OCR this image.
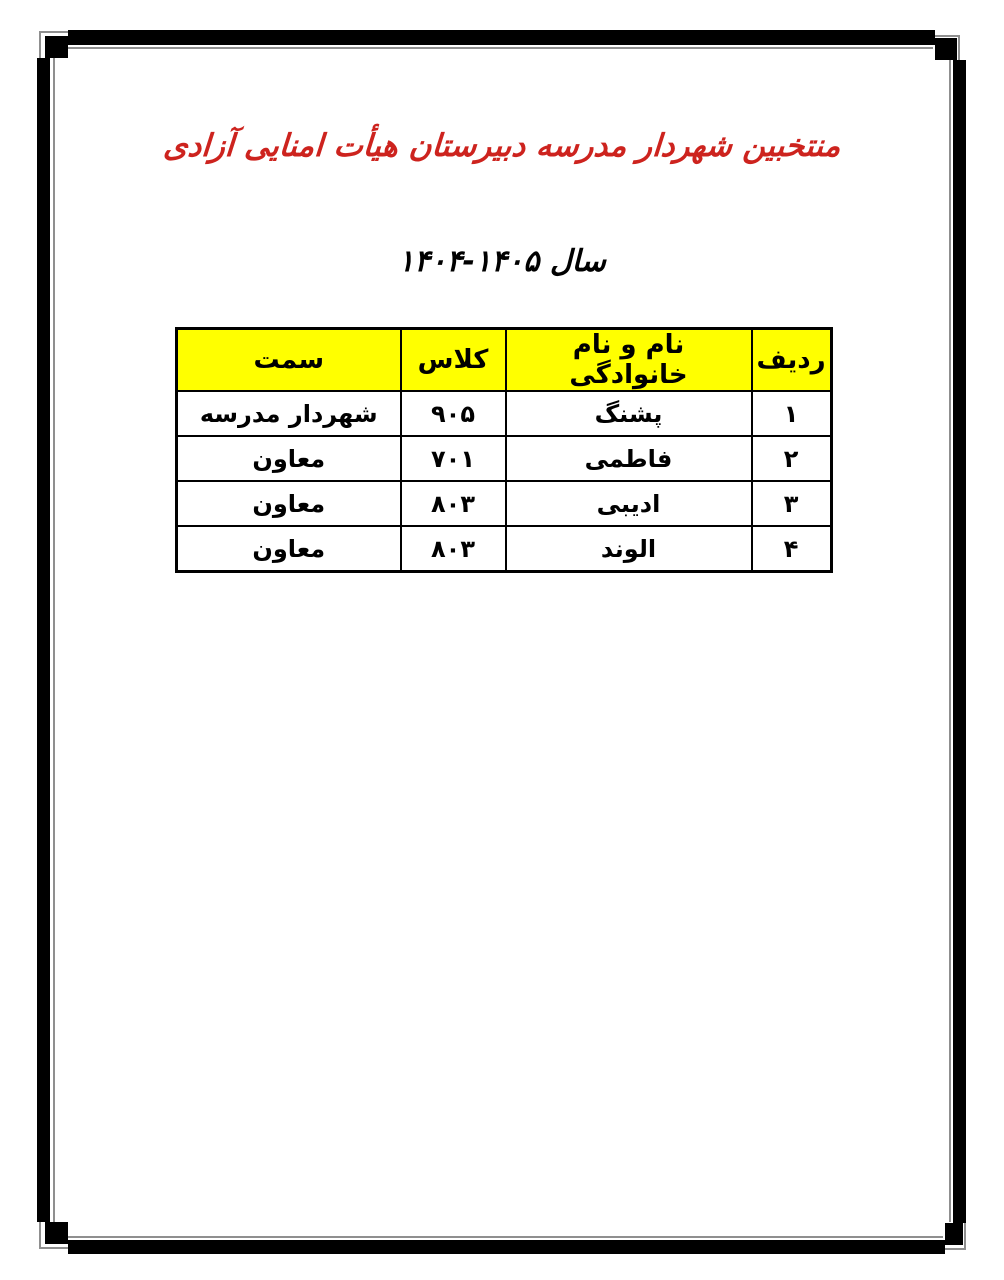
منتخبین شهردار مدرسه دبیرستان هیأت امنایی آزادی
سال ۱۴۰۵-۱۴۰۴
ردیف	نام و نام خانوادگی	کلاس	سمت
۱	پشنگ	۹۰۵	شهردار مدرسه
۲	فاطمی	۷۰۱	معاون
۳	ادیبی	۸۰۳	معاون
۴	الوند	۸۰۳	معاون
